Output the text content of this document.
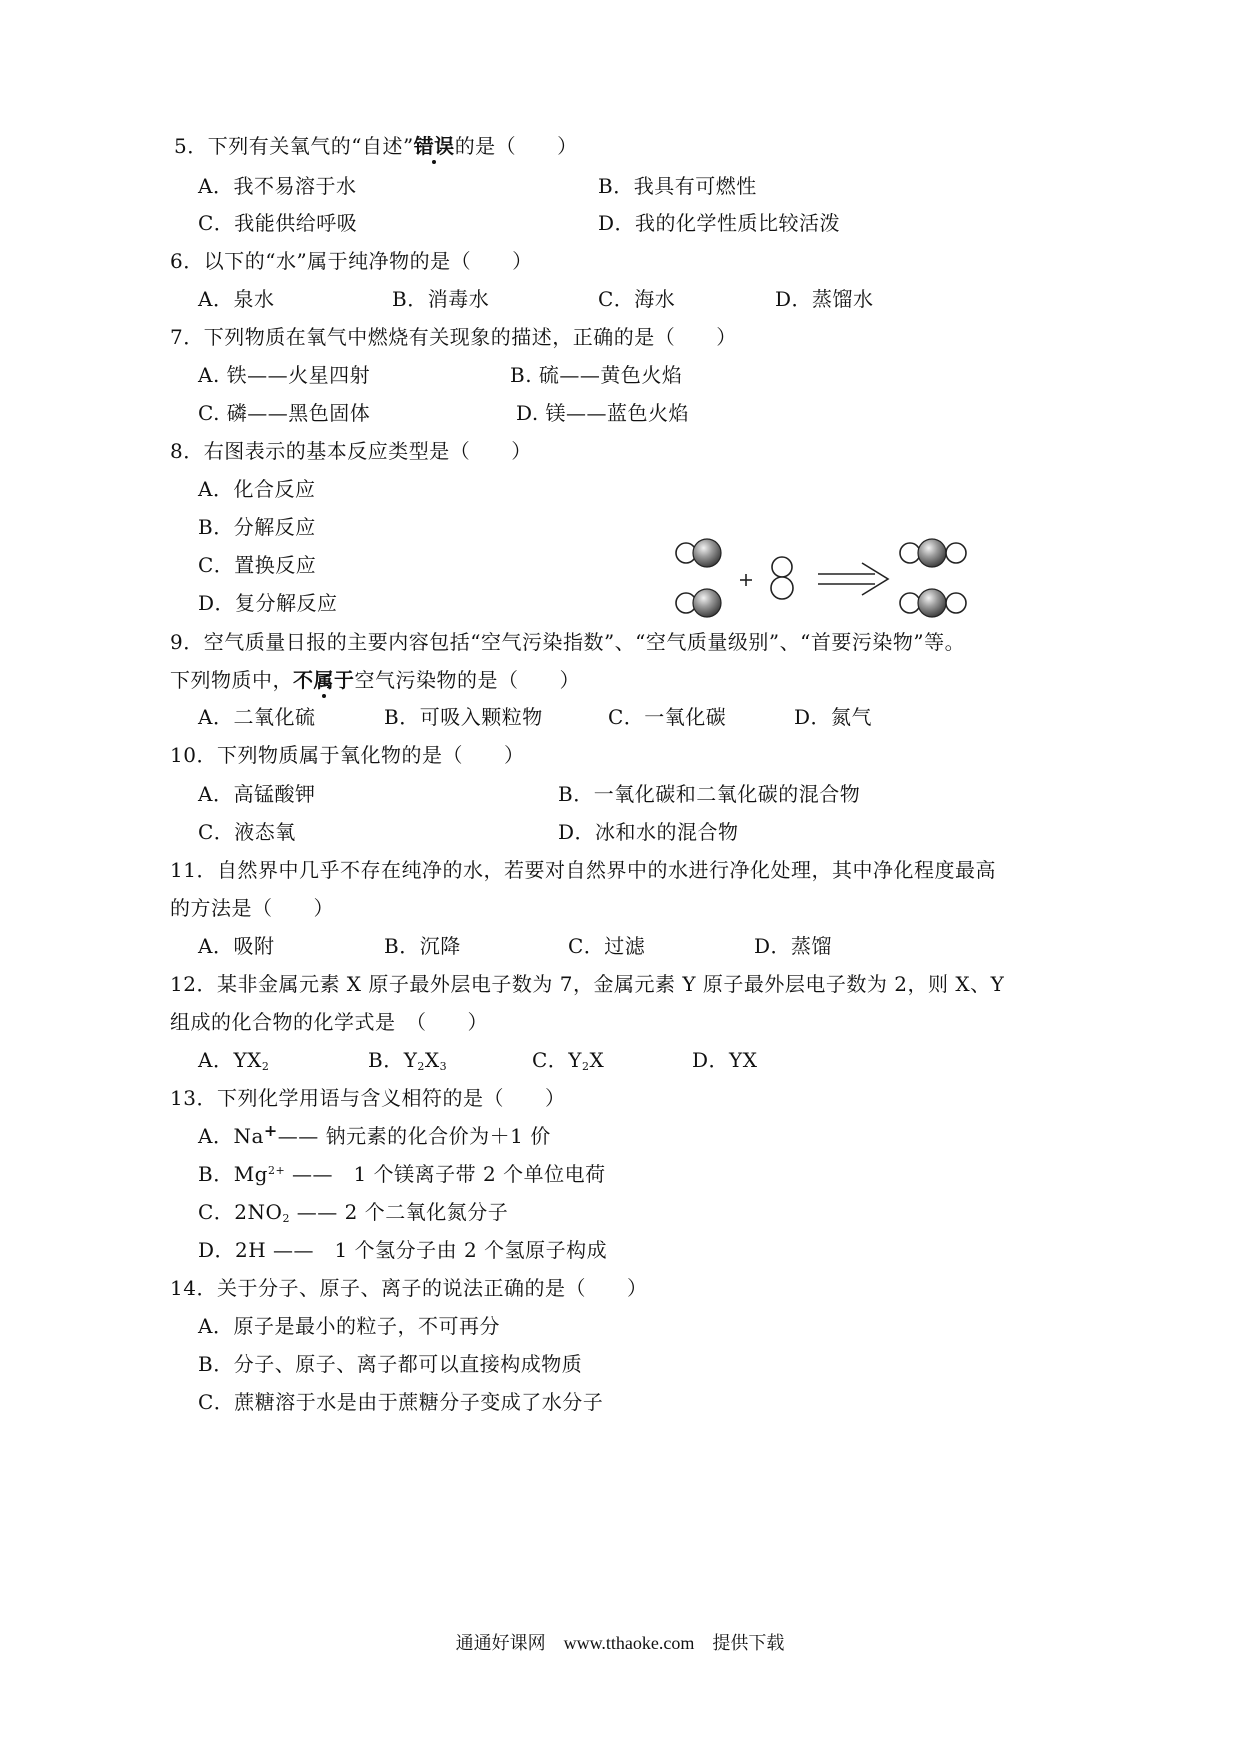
5．下列有关氧气的“自述”错误的是（　　）
A．我不易溶于水	B．我具有可燃性
C．我能供给呼吸	D．我的化学性质比较活泼
6．以下的“水”属于纯净物的是（　　）
A．泉水	B．消毒水	C．海水	D．蒸馏水
7．下列物质在氧气中燃烧有关现象的描述，正确的是（　　）
A. 铁——火星四射	B. 硫——黄色火焰
C. 磷——黑色固体	D. 镁——蓝色火焰
8．右图表示的基本反应类型是（　　）
A．化合反应
B．分解反应
C．置换反应
D．复分解反应
9．空气质量日报的主要内容包括“空气污染指数”、“空气质量级别”、“首要污染物”等。
下列物质中，不属于空气污染物的是（　　）
A．二氧化硫	B．可吸入颗粒物	C．一氧化碳	D．氮气
10．下列物质属于氧化物的是（　　）
A．高锰酸钾	B．一氧化碳和二氧化碳的混合物
C．液态氧	D．冰和水的混合物
11．自然界中几乎不存在纯净的水，若要对自然界中的水进行净化处理，其中净化程度最高
的方法是（　　）
A．吸附	B．沉降	C．过滤	D．蒸馏
12．某非金属元素 X 原子最外层电子数为 7，金属元素 Y 原子最外层电子数为 2，则 X、Y
组成的化合物的化学式是　（　　）
A．$YX_2$	B．$Y_2X_3$	C．$Y_2X$	D．YX
13．下列化学用语与含义相符的是（　　）
A．Na+—— 钠元素的化合价为＋1 价
B．$Mg^{2+}$ ——　1 个镁离子带 2 个单位电荷
C．$2NO_2$ —— 2 个二氧化氮分子
D．2H ——　1 个氢分子由 2 个氢原子构成
14．关于分子、原子、离子的说法正确的是（　　）
A．原子是最小的粒子，不可再分
B．分子、原子、离子都可以直接构成物质
C．蔗糖溶于水是由于蔗糖分子变成了水分子
通通好课网　www.tthaoke.com　提供下载
